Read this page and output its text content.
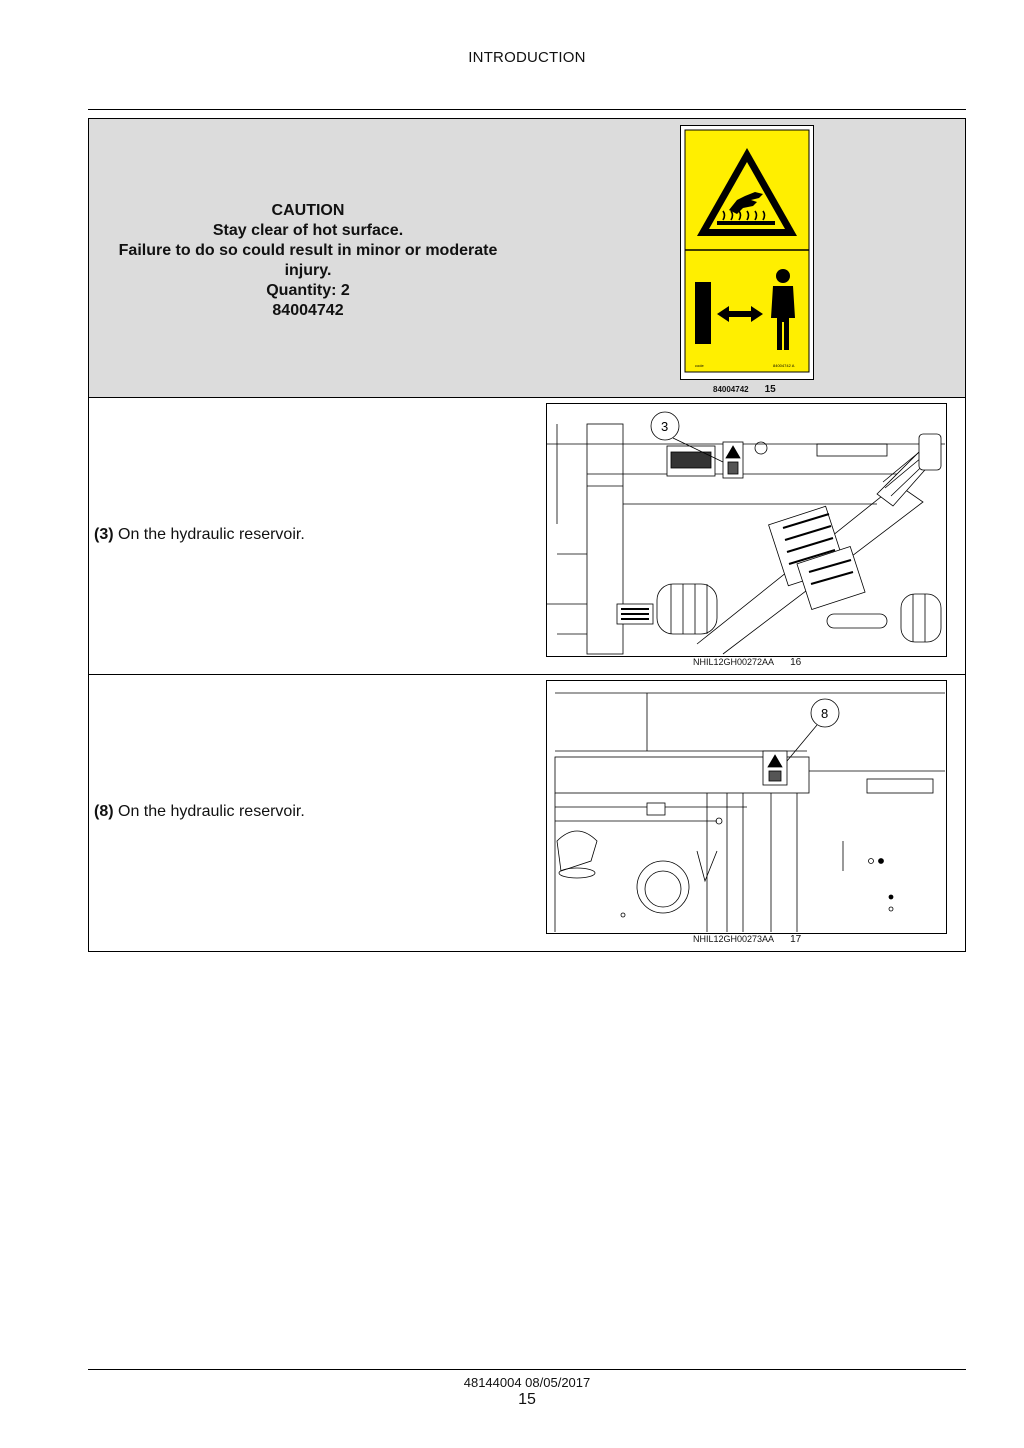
INTRODUCTION
CAUTION
Stay clear of hot surface.
Failure to do so could result in minor or moderate
injury.
Quantity: 2
84004742
code	84004742 A
84004742 15
(3) On the hydraulic reservoir.
3
NHIL12GH00272AA 16
(8) On the hydraulic reservoir.
8
NHIL12GH00273AA 17
48144004 08/05/2017
15
